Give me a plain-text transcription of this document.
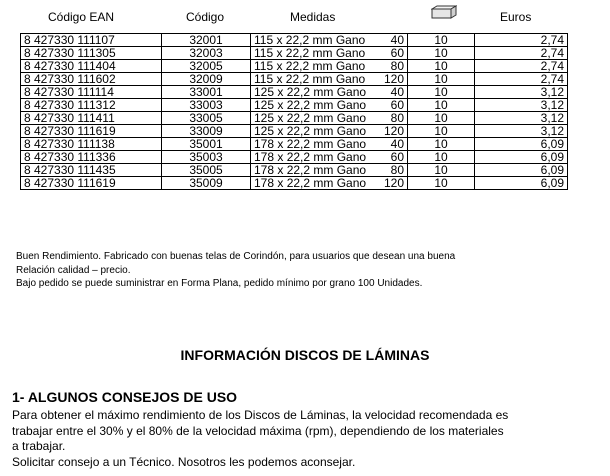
Código EAN	Código	Medidas	Euros
8 427330 111107	32001	115 x 22,2 mm Gano 40	10	2,74
8 427330 111305	32003	115 x 22,2 mm Gano 60	10	2,74
8 427330 111404	32005	115 x 22,2 mm Gano 80	10	2,74
8 427330 111602	32009	115 x 22,2 mm Gano 120	10	2,74
8 427330 111114	33001	125 x 22,2 mm Gano 40	10	3,12
8 427330 111312	33003	125 x 22,2 mm Gano 60	10	3,12
8 427330 111411	33005	125 x 22,2 mm Gano 80	10	3,12
8 427330 111619	33009	125 x 22,2 mm Gano 120	10	3,12
8 427330 111138	35001	178 x 22,2 mm Gano 40	10	6,09
8 427330 111336	35003	178 x 22,2 mm Gano 60	10	6,09
8 427330 111435	35005	178 x 22,2 mm Gano 80	10	6,09
8 427330 111619	35009	178 x 22,2 mm Gano 120	10	6,09
Buen Rendimiento. Fabricado con buenas telas de Corindón, para usuarios que desean una buena
Relación calidad – precio.
Bajo pedido se puede suministrar en Forma Plana, pedido mínimo por grano 100 Unidades.
INFORMACIÓN DISCOS DE LÁMINAS
1- ALGUNOS CONSEJOS DE USO
Para obtener el máximo rendimiento de los Discos de Láminas, la velocidad recomendada es
trabajar entre el 30% y el 80% de la velocidad máxima (rpm), dependiendo de los materiales
a trabajar.
Solicitar consejo a un Técnico. Nosotros les podemos aconsejar.
